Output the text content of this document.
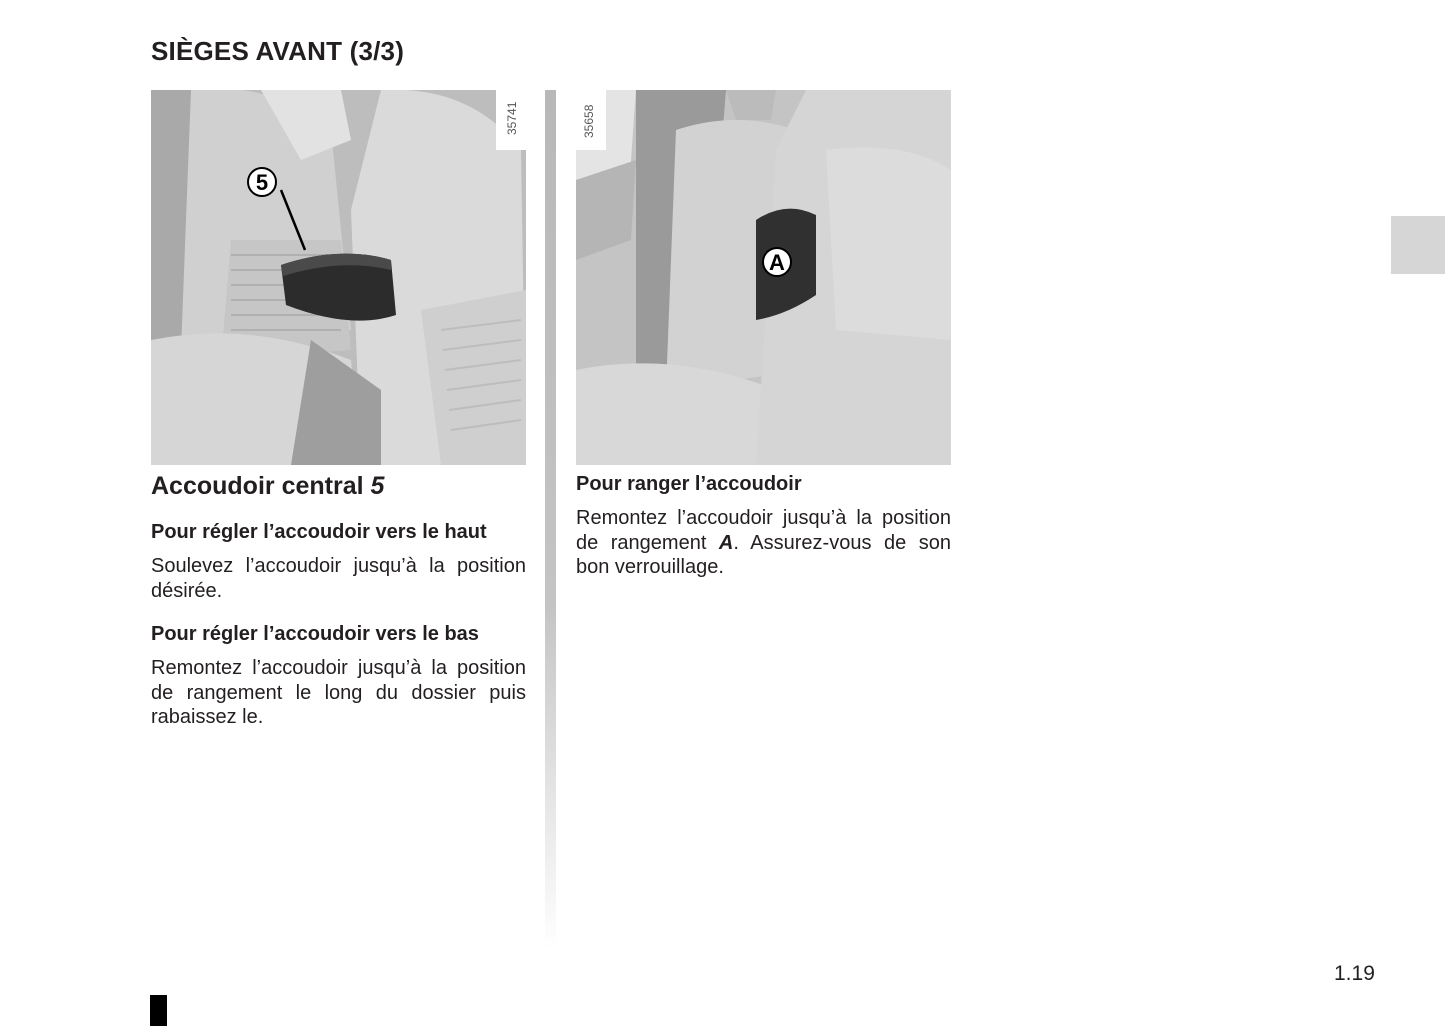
SIÈGES AVANT (3/3)
5
35741
A
35658
Accoudoir central 5
Pour régler l’accoudoir vers le haut

Soulevez l’accoudoir jusqu’à la position désirée.

Pour régler l’accoudoir vers le bas

Remontez l’accoudoir jusqu’à la position de rangement le long du dossier puis rabaissez le.

Pour ranger l’accoudoir

Remontez l’accoudoir jusqu’à la position de rangement A. Assurez-vous de son bon verrouillage.

1.19
